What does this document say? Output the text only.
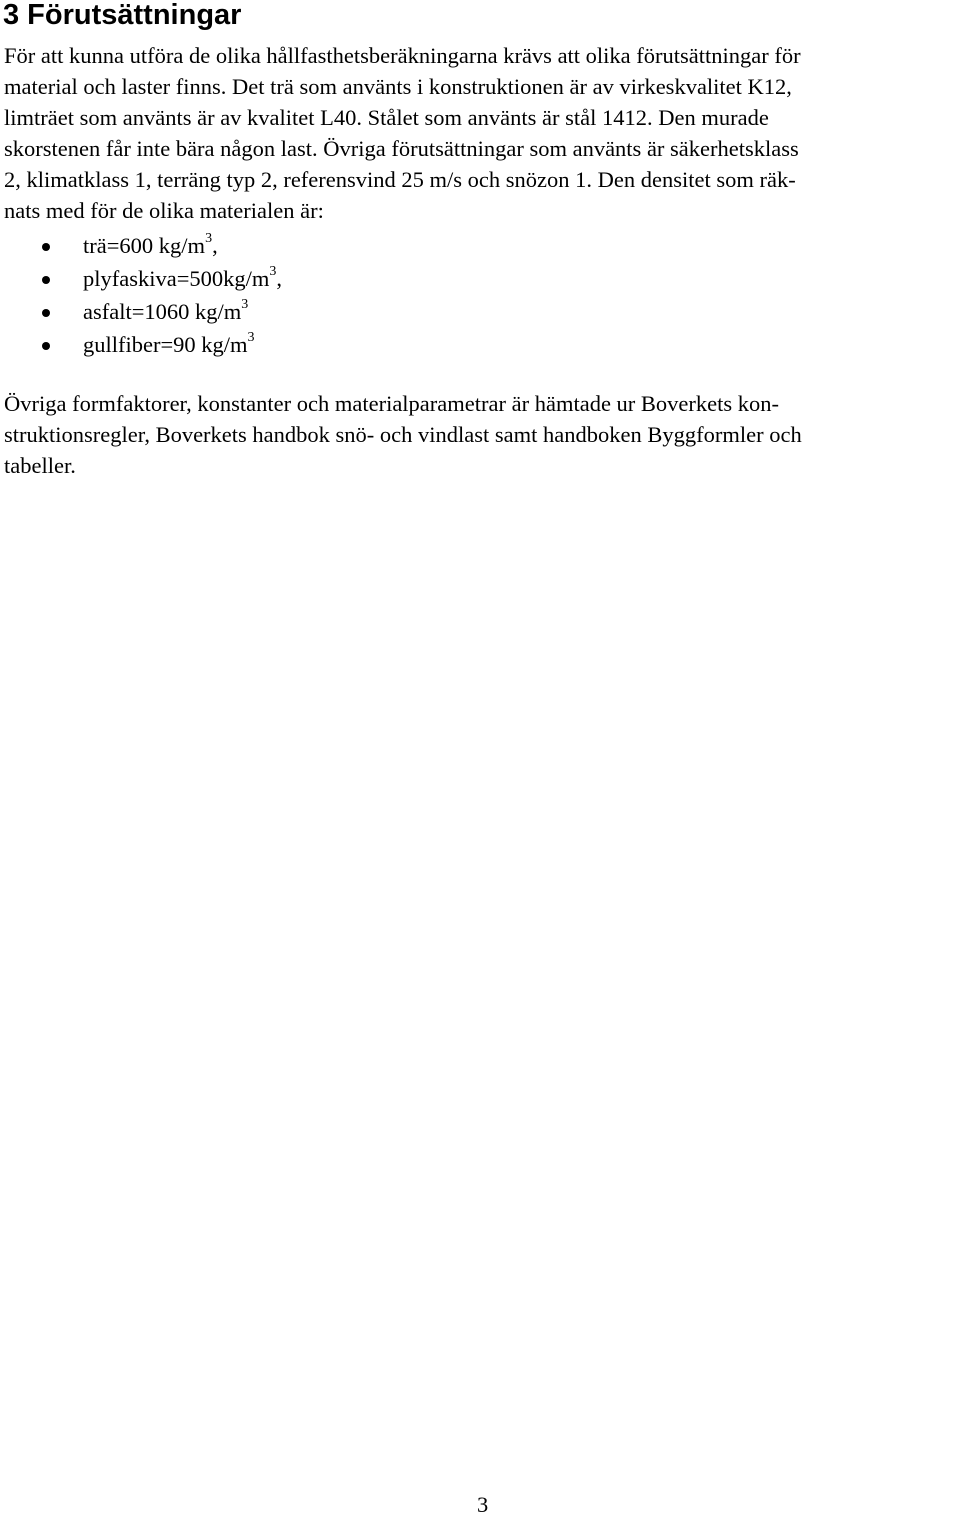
3 Förutsättningar

För att kunna utföra de olika hållfasthetsberäkningarna krävs att olika förutsättningar för
material och laster finns. Det trä som använts i konstruktionen är av virkeskvalitet K12,
limträet som använts är av kvalitet L40. Stålet som använts är stål 1412. Den murade
skorstenen får inte bära någon last. Övriga förutsättningar som använts är säkerhetsklass
2, klimatklass 1, terräng typ 2, referensvind 25 m/s och snözon 1. Den densitet som räk-
nats med för de olika materialen är:

trä=600 $kg/m^3$,
$plyfaskiva=500kg/m^3$,
asfalt=1060 $kg/m^3$
gullfiber=90 $kg/m^3$

Övriga formfaktorer, konstanter och materialparametrar är hämtade ur Boverkets kon-
struktionsregler, Boverkets handbok snö- och vindlast samt handboken Byggformler och
tabeller.

3
